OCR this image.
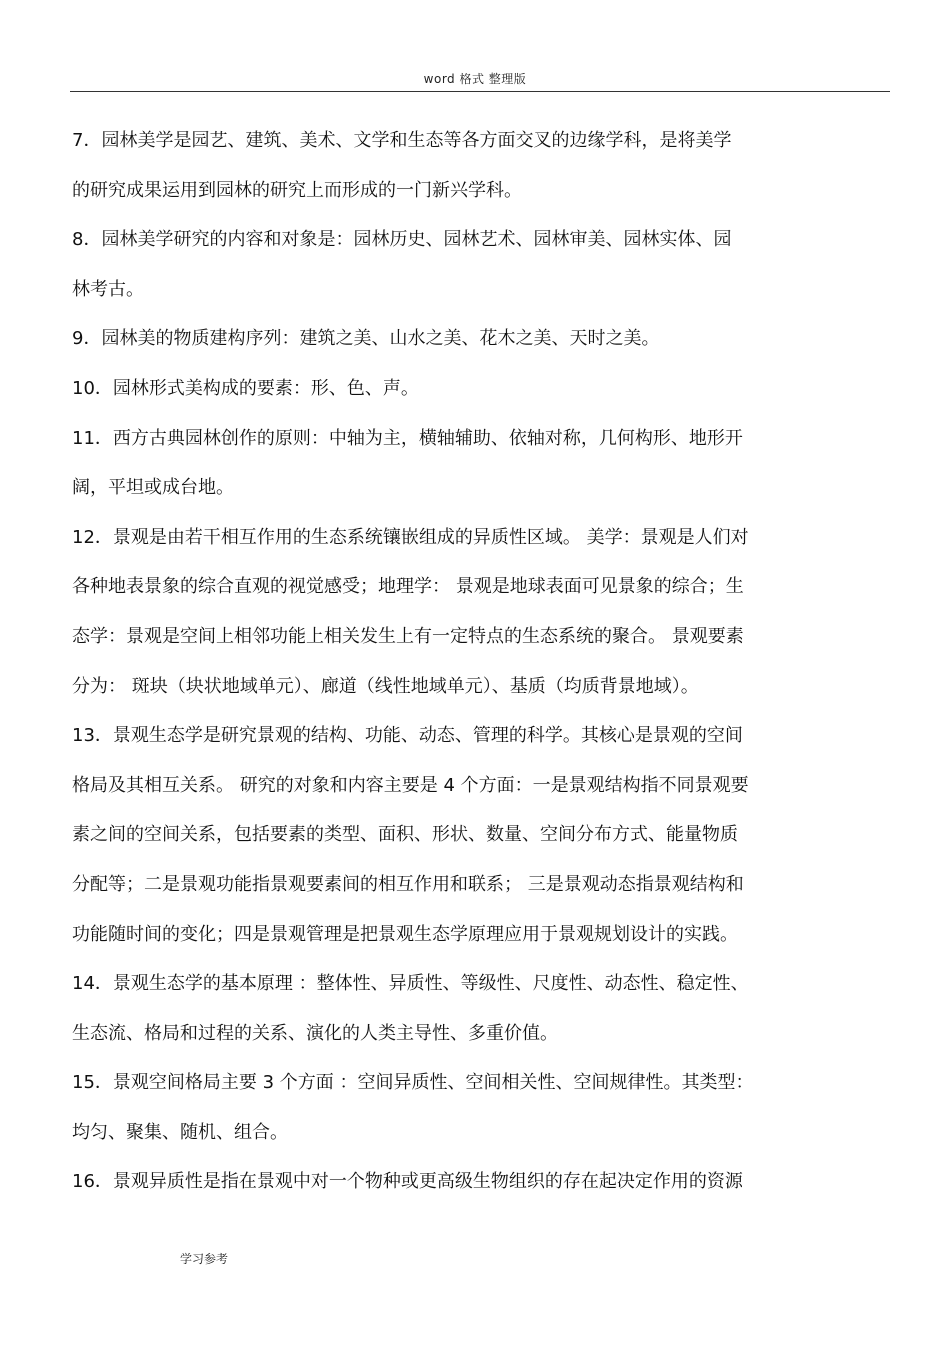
word 格式 整理版
7．园林美学是园艺、建筑、美术、文学和生态等各方面交叉的边缘学科，是将美学
的研究成果运用到园林的研究上而形成的一门新兴学科。
8．园林美学研究的内容和对象是：园林历史、园林艺术、园林审美、园林实体、园
林考古。
9．园林美的物质建构序列：建筑之美、山水之美、花木之美、天时之美。
10．园林形式美构成的要素：形、色、声。
11．西方古典园林创作的原则：中轴为主，横轴辅助、依轴对称，几何构形、地形开
阔，平坦或成台地。
12．景观是由若干相互作用的生态系统镶嵌组成的异质性区域。 美学：景观是人们对
各种地表景象的综合直观的视觉感受；地理学： 景观是地球表面可见景象的综合；生
态学：景观是空间上相邻功能上相关发生上有一定特点的生态系统的聚合。 景观要素
分为： 斑块（块状地域单元）、廊道（线性地域单元）、基质（均质背景地域）。
13．景观生态学是研究景观的结构、功能、动态、管理的科学。其核心是景观的空间
格局及其相互关系。 研究的对象和内容主要是 4 个方面：一是景观结构指不同景观要
素之间的空间关系，包括要素的类型、面积、形状、数量、空间分布方式、能量物质
分配等；二是景观功能指景观要素间的相互作用和联系； 三是景观动态指景观结构和
功能随时间的变化；四是景观管理是把景观生态学原理应用于景观规划设计的实践。
14．景观生态学的基本原理 ：整体性、异质性、等级性、尺度性、动态性、稳定性、
生态流、格局和过程的关系、演化的人类主导性、多重价值。
15．景观空间格局主要 3 个方面 ：空间异质性、空间相关性、空间规律性。其类型：
均匀、聚集、随机、组合。
16．景观异质性是指在景观中对一个物种或更高级生物组织的存在起决定作用的资源
学习参考
